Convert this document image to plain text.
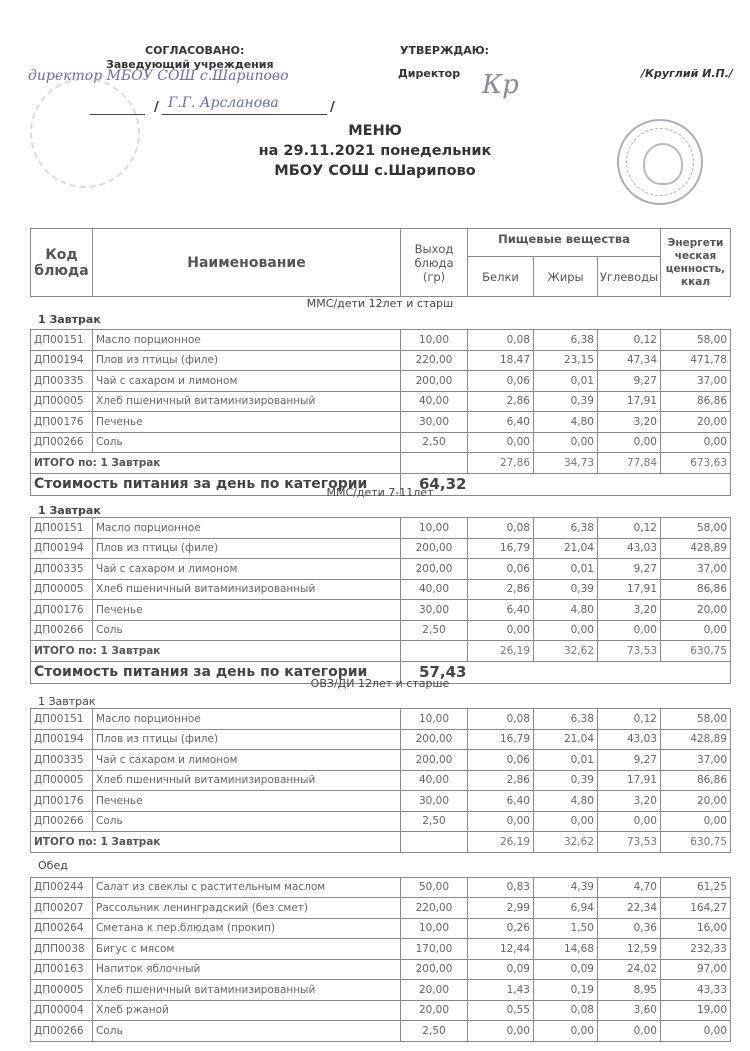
СОГЛАСОВАНО:
Заведующий учреждения
директор МБОУ СОШ с.Шарипово
/ Г.Г. Арсланова	/
УТВЕРЖДАЮ:
Директор Кр	/Круглий И.П./
МЕНЮ
на 29.11.2021 понедельник
МБОУ СОШ с.Шарипово
Код блюда	Наименование	Выход блюда (гр)	Пищевые вещества			Энергети ческая ценность, ккал
			Белки	Жиры	Углеводы	
ММС/дети 12лет и старш
1 Завтрак
ДП00151	Масло порционное	10,00	0,08	6,38	0,12	58,00
ДП00194	Плов из птицы (филе)	220,00	18,47	23,15	47,34	471,78
ДП00335	Чай с сахаром и лимоном	200,00	0,06	0,01	9,27	37,00
ДП00005	Хлеб пшеничный витаминизированный	40,00	2,86	0,39	17,91	86,86
ДП00176	Печенье	30,00	6,40	4,80	3,20	20,00
ДП00266	Соль	2,50	0,00	0,00	0,00	0,00
ИТОГО по: 1 Завтрак			27,86	34,73	77,84	673,63
Стоимость питания за день по категории		64,32				
ММС/дети 7-11лет
1 Завтрак
ДП00151	Масло порционное	10,00	0,08	6,38	0,12	58,00
ДП00194	Плов из птицы (филе)	200,00	16,79	21,04	43,03	428,89
ДП00335	Чай с сахаром и лимоном	200,00	0,06	0,01	9,27	37,00
ДП00005	Хлеб пшеничный витаминизированный	40,00	2,86	0,39	17,91	86,86
ДП00176	Печенье	30,00	6,40	4,80	3,20	20,00
ДП00266	Соль	2,50	0,00	0,00	0,00	0,00
ИТОГО по: 1 Завтрак			26,19	32,62	73,53	630,75
Стоимость питания за день по категории		57,43				
ОВЗ/ДИ 12лет и старше
1 Завтрак
ДП00151	Масло порционное	10,00	0,08	6,38	0,12	58,00
ДП00194	Плов из птицы (филе)	200,00	16,79	21,04	43,03	428,89
ДП00335	Чай с сахаром и лимоном	200,00	0,06	0,01	9,27	37,00
ДП00005	Хлеб пшеничный витаминизированный	40,00	2,86	0,39	17,91	86,86
ДП00176	Печенье	30,00	6,40	4,80	3,20	20,00
ДП00266	Соль	2,50	0,00	0,00	0,00	0,00
ИТОГО по: 1 Завтрак			26,19	32,62	73,53	630,75
Обед
ДП00244	Салат из свеклы с растительным маслом	50,00	0,83	4,39	4,70	61,25
ДП00207	Рассольник ленинградский (без смет)	220,00	2,99	6,94	22,34	164,27
ДП00264	Сметана к пер.блюдам (прокип)	10,00	0,26	1,50	0,36	16,00
ДПП0038	Бигус с мясом	170,00	12,44	14,68	12,59	232,33
ДП00163	Напиток яблочный	200,00	0,09	0,09	24,02	97,00
ДП00005	Хлеб пшеничный витаминизированный	20,00	1,43	0,19	8,95	43,33
ДП00004	Хлеб ржаной	20,00	0,55	0,08	3,60	19,00
ДП00266	Соль	2,50	0,00	0,00	0,00	0,00
